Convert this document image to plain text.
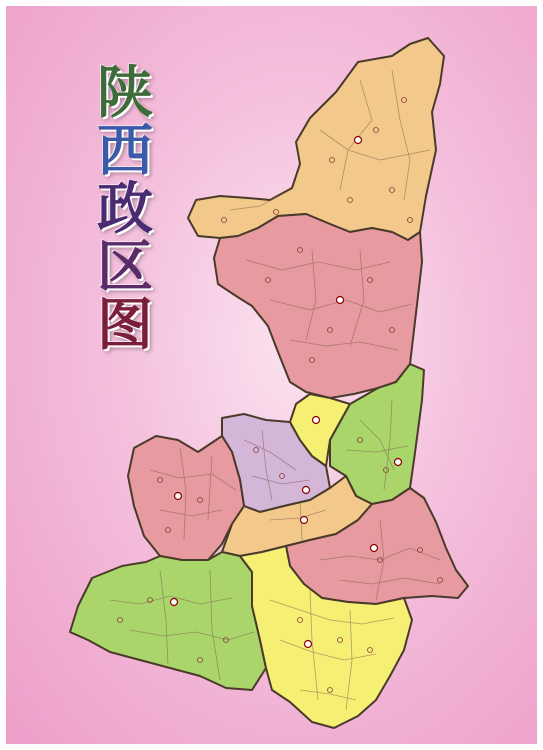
陕
西
政
区
图
